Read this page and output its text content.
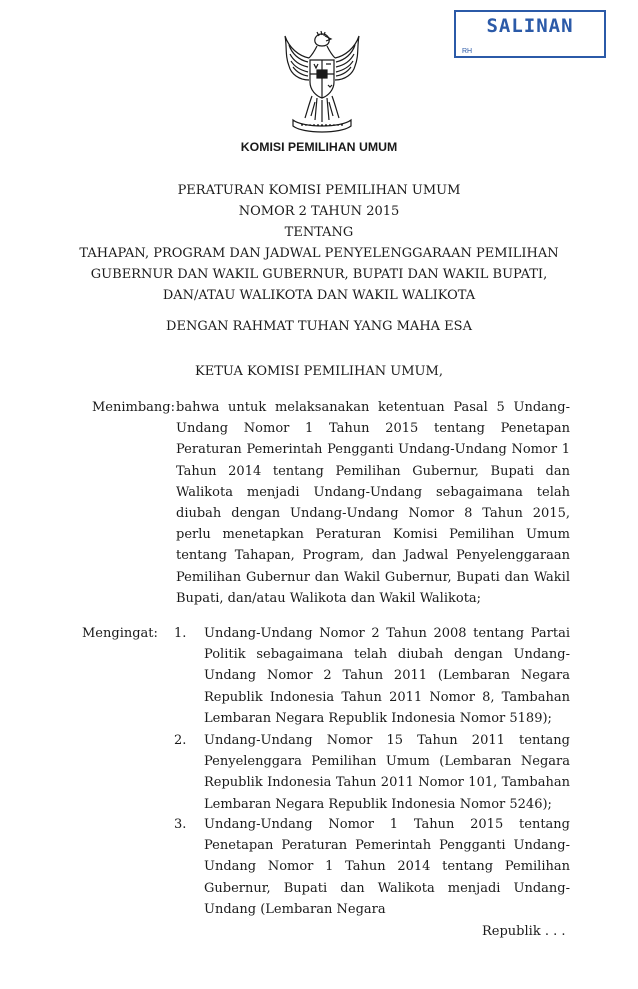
SALINAN
RH
KOMISI PEMILIHAN UMUM
PERATURAN KOMISI PEMILIHAN UMUM
NOMOR 2 TAHUN 2015
TENTANG
TAHAPAN, PROGRAM DAN JADWAL PENYELENGGARAAN PEMILIHAN
GUBERNUR DAN WAKIL GUBERNUR, BUPATI DAN WAKIL BUPATI,
DAN/ATAU WALIKOTA DAN WAKIL WALIKOTA
DENGAN RAHMAT TUHAN YANG MAHA ESA
KETUA KOMISI PEMILIHAN UMUM,
Menimbang: bahwa untuk melaksanakan ketentuan Pasal 5 Undang-Undang Nomor 1 Tahun 2015 tentang Penetapan Peraturan Pemerintah Pengganti Undang-Undang Nomor 1 Tahun 2014 tentang Pemilihan Gubernur, Bupati dan Walikota menjadi Undang-Undang sebagaimana telah diubah dengan Undang-Undang Nomor 8 Tahun 2015, perlu menetapkan Peraturan Komisi Pemilihan Umum tentang Tahapan, Program, dan Jadwal Penyelenggaraan Pemilihan Gubernur dan Wakil Gubernur, Bupati dan Wakil Bupati, dan/atau Walikota dan Wakil Walikota;
Mengingat: 1. Undang-Undang Nomor 2 Tahun 2008 tentang Partai Politik sebagaimana telah diubah dengan Undang-Undang Nomor 2 Tahun 2011 (Lembaran Negara Republik Indonesia Tahun 2011 Nomor 8, Tambahan Lembaran Negara Republik Indonesia Nomor 5189);
2. Undang-Undang Nomor 15 Tahun 2011 tentang Penyelenggara Pemilihan Umum (Lembaran Negara Republik Indonesia Tahun 2011 Nomor 101, Tambahan Lembaran Negara Republik Indonesia Nomor 5246);
3. Undang-Undang Nomor 1 Tahun 2015 tentang Penetapan Peraturan Pemerintah Pengganti Undang-Undang Nomor 1 Tahun 2014 tentang Pemilihan Gubernur, Bupati dan Walikota menjadi Undang-Undang (Lembaran Negara
Republik . . .
